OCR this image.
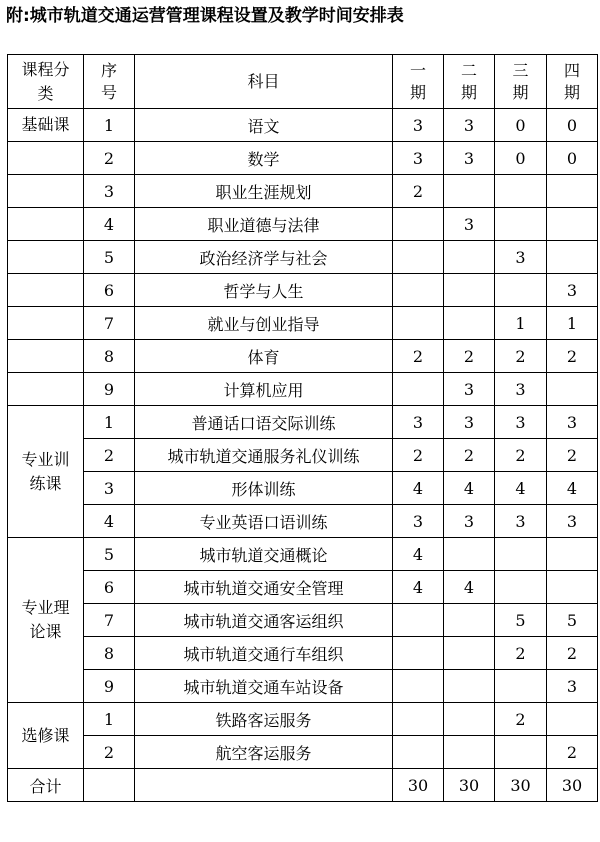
附:城市轨道交通运营管理课程设置及教学时间安排表
课程分类	序号	科目	一期	二期	三期	四期
基础课	1	语文	3	3	0	0
	2	数学	3	3	0	0
	3	职业生涯规划	2			
	4	职业道德与法律		3		
	5	政治经济学与社会			3	
	6	哲学与人生				3
	7	就业与创业指导			1	1
	8	体育	2	2	2	2
	9	计算机应用		3	3	
专业训练课	1	普通话口语交际训练	3	3	3	3
	2	城市轨道交通服务礼仪训练	2	2	2	2
	3	形体训练	4	4	4	4
	4	专业英语口语训练	3	3	3	3
专业理论课	5	城市轨道交通概论	4			
	6	城市轨道交通安全管理	4	4		
	7	城市轨道交通客运组织			5	5
	8	城市轨道交通行车组织			2	2
	9	城市轨道交通车站设备				3
选修课	1	铁路客运服务			2	
	2	航空客运服务				2
合计			30	30	30	30
